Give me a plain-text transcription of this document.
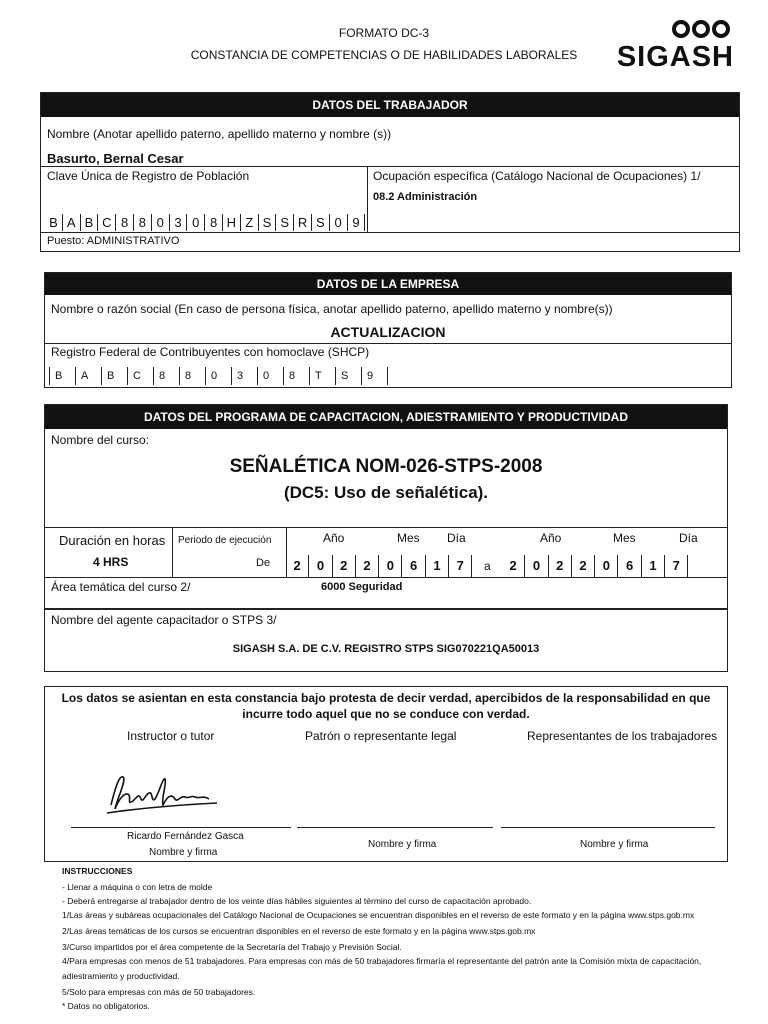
FORMATO DC-3
CONSTANCIA DE COMPETENCIAS O DE HABILIDADES LABORALES	SIGASH
DATOS DEL TRABAJADOR
Nombre (Anotar apellido paterno, apellido materno y nombre (s))
Basurto, Bernal Cesar
Clave Única de Registro de Población	Ocupación específica (Catálogo Nacional de Ocupaciones) 1/
08.2 Administración
B A B C 8 8 0 3 0 8 H Z S S R S 0 9
Puesto: ADMINISTRATIVO
DATOS DE LA EMPRESA
Nombre o razón social (En caso de persona física, anotar apellido paterno, apellido materno y nombre(s))
ACTUALIZACION
Registro Federal de Contribuyentes con homoclave (SHCP)
B	A	B	C	8	8	0	3	0	8	T	S	9
DATOS DEL PROGRAMA DE CAPACITACION, ADIESTRAMIENTO Y PRODUCTIVIDAD
Nombre del curso:
SEÑALÉTICA NOM-026-STPS-2008
(DC5: Uso de señalética).
Duración en horas
4 HRS
Periodo de ejecución
De
Año	Mes Día	Año	Mes	Día
2	0	2	2	0	6	1	7	a	2	0	2	2	0	6	1	7
Área temática del curso 2/	6000 Seguridad
Nombre del agente capacitador o STPS 3/
SIGASH S.A. DE C.V. REGISTRO STPS SIG070221QA50013
Los datos se asientan en esta constancia bajo protesta de decir verdad, apercibidos de la responsabilidad en que
incurre todo aquel que no se conduce con verdad.
Instructor o tutor	Patrón o representante legal	Representantes de los trabajadores
Ricardo Fernández Gasca
Nombre y firma
Nombre y firma	Nombre y firma
INSTRUCCIONES
- Llenar a máquina o con letra de molde
- Deberá entregarse al trabajador dentro de los veinte días hábiles siguientes al término del curso de capacitación aprobado.
1/Las áreas y subáreas ocupacionales del Catálogo Nacional de Ocupaciones se encuentran disponibles en el reverso de este formato y en la página www.stps.gob.mx
2/Las áreas temáticas de los cursos se encuentran disponibles en el reverso de este formato y en la página www.stps.gob.mx
3/Curso impartidos por el área competente de la Secretaría del Trabajo y Previsión Social.
4/Para empresas con menos de 51 trabajadores. Para empresas con más de 50 trabajadores firmaría el representante del patrón ante la Comisión mixta de capacitación,
adiestramiento y productividad.
5/Solo para empresas con más de 50 trabajadores.
* Datos no obligatorios.
